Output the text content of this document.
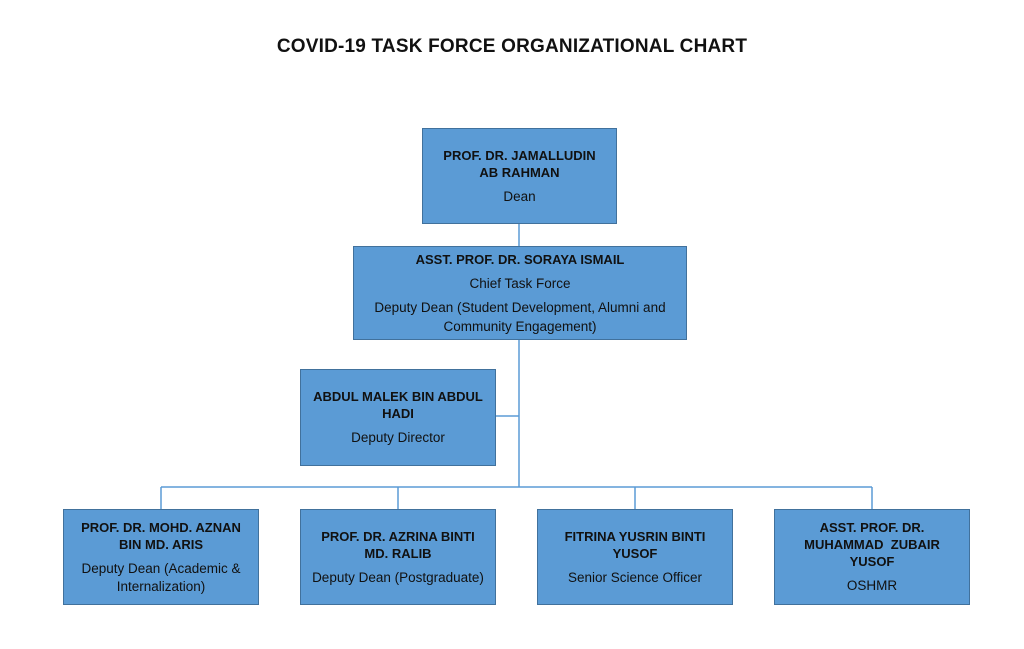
COVID-19 TASK FORCE ORGANIZATIONAL CHART
PROF. DR. JAMALLUDIN AB RAHMAN
Dean
ASST. PROF. DR. SORAYA ISMAIL
Chief Task Force
Deputy Dean (Student Development, Alumni and Community Engagement)
ABDUL MALEK BIN ABDUL HADI
Deputy Director
PROF. DR. MOHD. AZNAN BIN MD. ARIS
Deputy Dean (Academic & Internalization)
PROF. DR. AZRINA BINTI MD. RALIB
Deputy Dean (Postgraduate)
FITRINA YUSRIN BINTI YUSOF
Senior Science Officer
ASST. PROF. DR. MUHAMMAD  ZUBAIR YUSOF
OSHMR
